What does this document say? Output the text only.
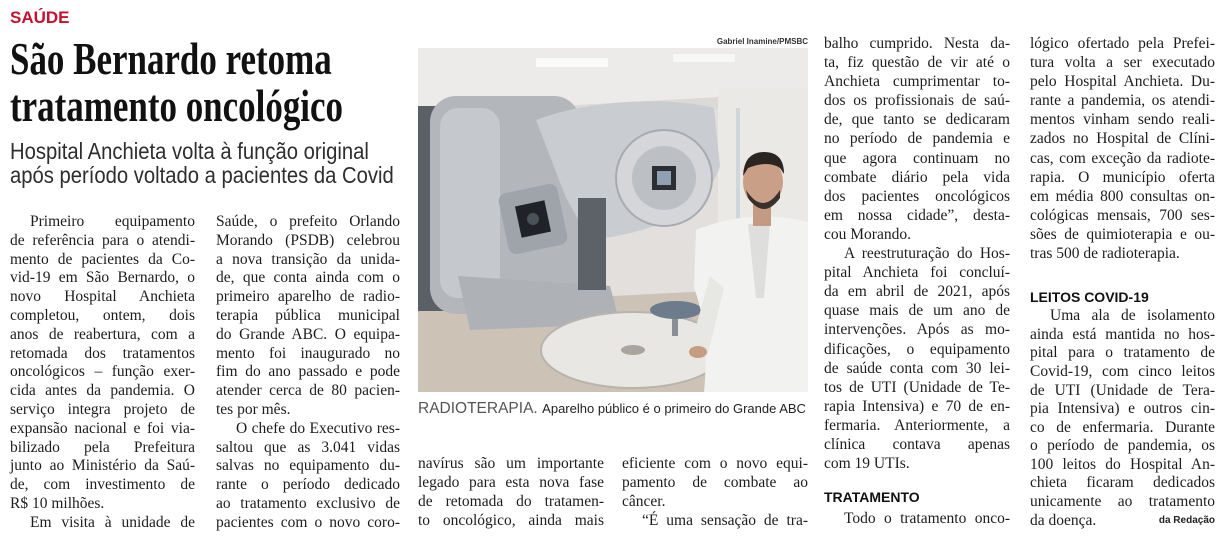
SAÚDE
São Bernardo retoma
tratamento oncológico
Hospital Anchieta volta à função original
após período voltado a pacientes da Covid
Primeiro equipamento
de referência para o atendi-
mento de pacientes da Co-
vid-19 em São Bernardo, o
novo Hospital Anchieta
completou, ontem, dois
anos de reabertura, com a
retomada dos tratamentos
oncológicos – função exer-
cida antes da pandemia. O
serviço integra projeto de
expansão nacional e foi via-
bilizado pela Prefeitura
junto ao Ministério da Saú-
de, com investimento de
R$ 10 milhões.
Em visita à unidade de
Saúde, o prefeito Orlando
Morando (PSDB) celebrou
a nova transição da unida-
de, que conta ainda com o
primeiro aparelho de radio-
terapia pública municipal
do Grande ABC. O equipa-
mento foi inaugurado no
fim do ano passado e pode
atender cerca de 80 pacien-
tes por mês.
O chefe do Executivo res-
saltou que as 3.041 vidas
salvas no equipamento du-
rante o período dedicado
ao tratamento exclusivo de
pacientes com o novo coro-
Gabriel Inamine/PMSBC
RADIOTERAPIA. Aparelho público é o primeiro do Grande ABC
navírus são um importante
legado para esta nova fase
de retomada do tratamen-
to oncológico, ainda mais
eficiente com o novo equi-
pamento de combate ao
câncer.
“É uma sensação de tra-
balho cumprido. Nesta da-
ta, fiz questão de vir até o
Anchieta cumprimentar to-
dos os profissionais de saú-
de, que tanto se dedicaram
no período de pandemia e
que agora continuam no
combate diário pela vida
dos pacientes oncológicos
em nossa cidade”, desta-
cou Morando.
A reestruturação do Hos-
pital Anchieta foi concluí-
da em abril de 2021, após
quase mais de um ano de
intervenções. Após as mo-
dificações, o equipamento
de saúde conta com 30 lei-
tos de UTI (Unidade de Te-
rapia Intensiva) e 70 de en-
fermaria. Anteriormente, a
clínica contava apenas
com 19 UTIs.
TRATAMENTO
Todo o tratamento onco-
lógico ofertado pela Prefei-
tura volta a ser executado
pelo Hospital Anchieta. Du-
rante a pandemia, os atendi-
mentos vinham sendo reali-
zados no Hospital de Clíni-
cas, com exceção da radiote-
rapia. O município oferta
em média 800 consultas on-
cológicas mensais, 700 ses-
sões de quimioterapia e ou-
tras 500 de radioterapia.
LEITOS COVID-19
Uma ala de isolamento
ainda está mantida no hos-
pital para o tratamento de
Covid-19, com cinco leitos
de UTI (Unidade de Tera-
pia Intensiva) e outros cin-
co de enfermaria. Durante
o período de pandemia, os
100 leitos do Hospital An-
chieta ficaram dedicados
unicamente ao tratamento
da doença.	da Redação
